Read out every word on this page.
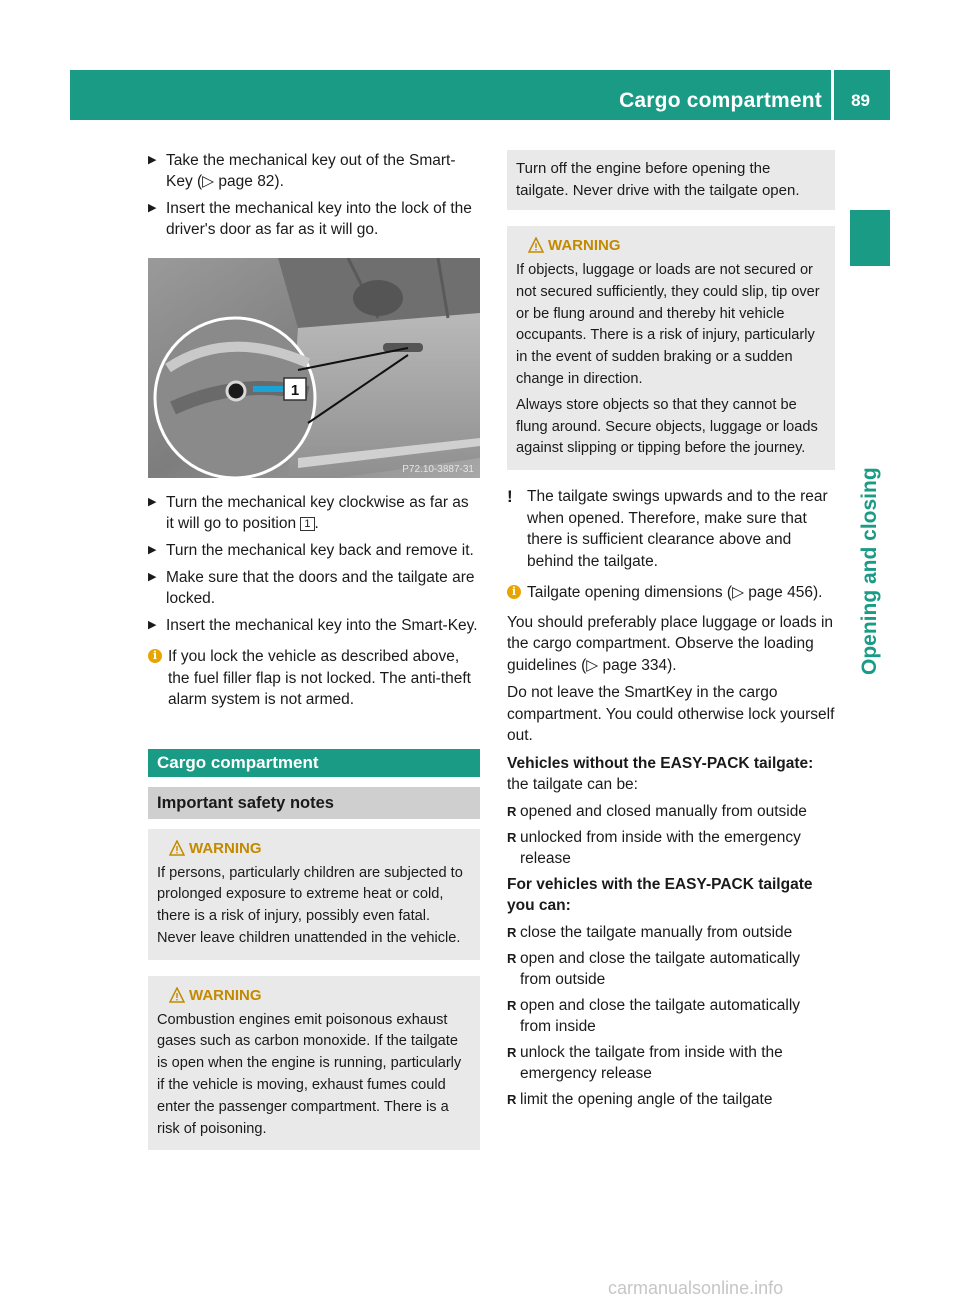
Cargo compartment 89
Opening and closing
▶ Take the mechanical key out of the Smart-Key (▷ page 82).
▶ Insert the mechanical key into the lock of the driver's door as far as it will go.
1
P72.10-3887-31
▶ Turn the mechanical key clockwise as far as it will go to position 1 .
▶ Turn the mechanical key back and remove it.
▶ Make sure that the doors and the tailgate are locked.
▶ Insert the mechanical key into the Smart-Key.
i If you lock the vehicle as described above, the fuel filler flap is not locked. The anti-theft alarm system is not armed.
Cargo compartment
Important safety notes
WARNING
If persons, particularly children are subjected to prolonged exposure to extreme heat or cold, there is a risk of injury, possibly even fatal. Never leave children unattended in the vehicle.
WARNING
Combustion engines emit poisonous exhaust gases such as carbon monoxide. If the tailgate is open when the engine is running, particularly if the vehicle is moving, exhaust fumes could enter the passenger compartment. There is a risk of poisoning.
Turn off the engine before opening the tailgate. Never drive with the tailgate open.
WARNING
If objects, luggage or loads are not secured or not secured sufficiently, they could slip, tip over or be flung around and thereby hit vehicle occupants. There is a risk of injury, particularly in the event of sudden braking or a sudden change in direction.
Always store objects so that they cannot be flung around. Secure objects, luggage or loads against slipping or tipping before the journey.
! The tailgate swings upwards and to the rear when opened. Therefore, make sure that there is sufficient clearance above and behind the tailgate.
i Tailgate opening dimensions (▷ page 456).

You should preferably place luggage or loads in the cargo compartment. Observe the loading guidelines (▷ page 334).

Do not leave the SmartKey in the cargo compartment. You could otherwise lock yourself out.

Vehicles without the EASY-PACK tailgate:

the tailgate can be:

R opened and closed manually from outside
R unlocked from inside with the emergency release

For vehicles with the EASY-PACK tailgate you can:

R close the tailgate manually from outside
R open and close the tailgate automatically from outside
R open and close the tailgate automatically from inside
R unlock the tailgate from inside with the emergency release
R limit the opening angle of the tailgate
carmanualsonline.info
